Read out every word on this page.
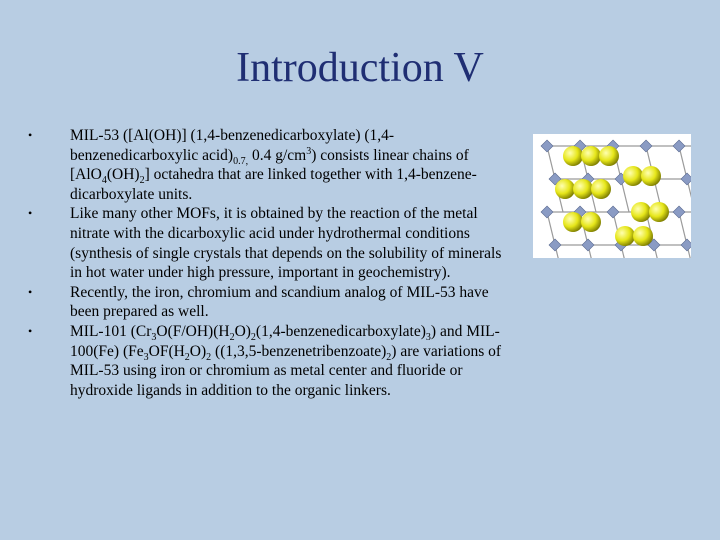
Introduction V
• MIL-53 ([Al(OH)] (1,4-benzenedicarboxylate) (1,4-benzenedicarboxylic $acid)_{0.7,}$ 0.4 $g/cm^3$) consists linear chains of $[AlO_4(OH)_2]$ octahedra that are linked together with 1,4-benzene-dicarboxylate units.
• Like many other MOFs, it is obtained by the reaction of the metal nitrate with the dicarboxylic acid under hydrothermal conditions (synthesis of single crystals that depends on the solubility of minerals in hot water under high pressure, important in geochemistry).
• Recently, the iron, chromium and scandium analog of MIL-53 have been prepared as well.
• MIL-101 $(Cr_3O(F/OH)(H_2O)_2(1,4-benzenedicarboxylate)_3)$ and MIL-100(Fe) ($Fe_3OF(H_2O)_2$ $((1,3,5-benzenetribenzoate)_2)$ are variations of MIL-53 using iron or chromium as metal center and fluoride or hydroxide ligands in addition to the organic linkers.
